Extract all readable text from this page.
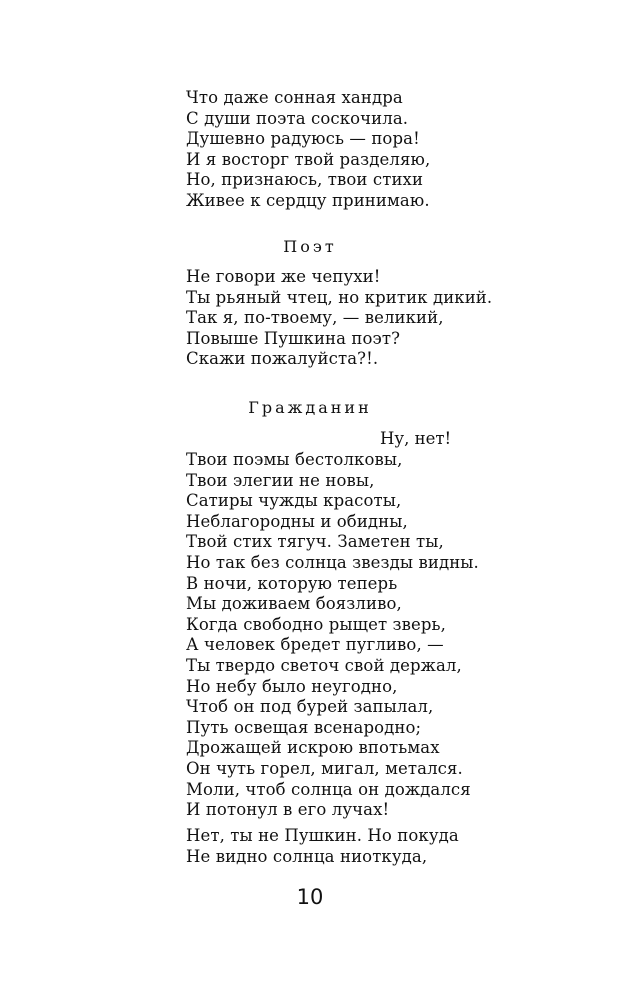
Что даже сонная хандра
С души поэта соскочила.
Душевно радуюсь — пора!
И я восторг твой разделяю,
Но, признаюсь, твои стихи
Живее к сердцу принимаю.
Поэт
Не говори же чепухи!
Ты рьяный чтец, но критик дикий.
Так я, по-твоему, — великий,
Повыше Пушкина поэт?
Скажи пожалуйста?!.
Гражданин
Ну, нет!
Твои поэмы бестолковы,
Твои элегии не новы,
Сатиры чужды красоты,
Неблагородны и обидны,
Твой стих тягуч. Заметен ты,
Но так без солнца звезды видны.
В ночи, которую теперь
Мы доживаем боязливо,
Когда свободно рыщет зверь,
А человек бредет пугливо, —
Ты твердо светоч свой держал,
Но небу было неугодно,
Чтоб он под бурей запылал,
Путь освещая всенародно;
Дрожащей искрою впотьмах
Он чуть горел, мигал, метался.
Моли, чтоб солнца он дождался
И потонул в его лучах!
Нет, ты не Пушкин. Но покуда
Не видно солнца ниоткуда,
10
